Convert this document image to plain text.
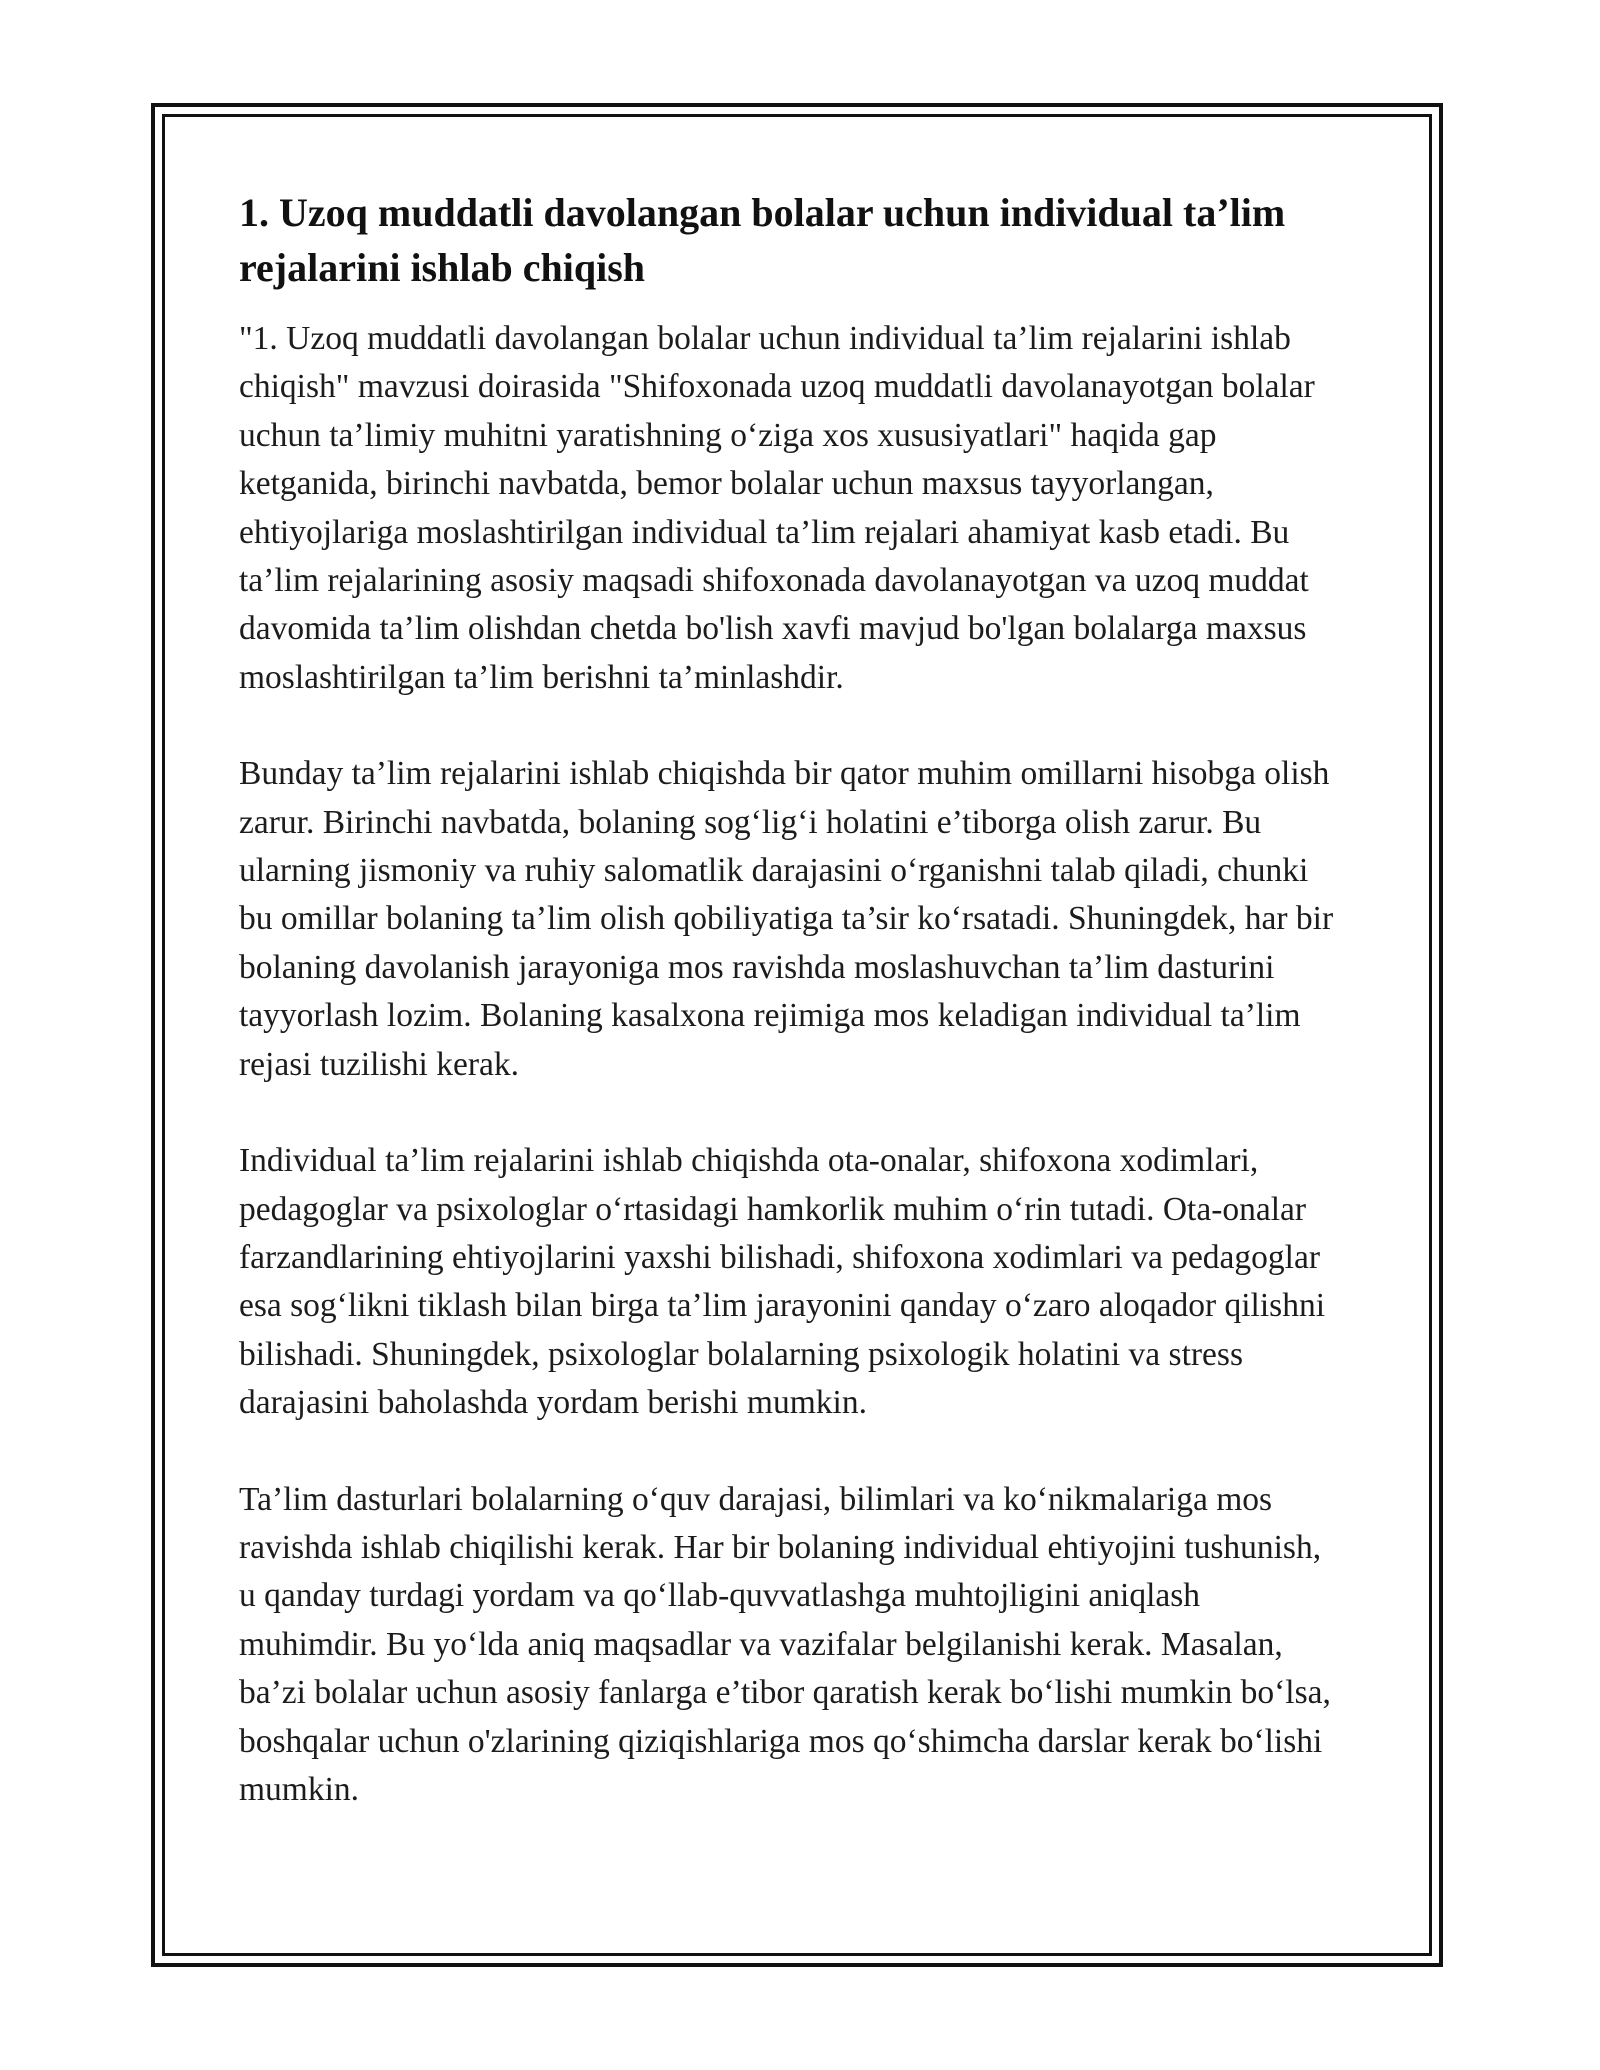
1. Uzoq muddatli davolangan bolalar uchun individual ta’lim rejalarini ishlab chiqish

"1. Uzoq muddatli davolangan bolalar uchun individual ta’lim rejalarini ishlab chiqish" mavzusi doirasida "Shifoxonada uzoq muddatli davolanayotgan bolalar uchun ta’limiy muhitni yaratishning o‘ziga xos xususiyatlari" haqida gap ketganida, birinchi navbatda, bemor bolalar uchun maxsus tayyorlangan, ehtiyojlariga moslashtirilgan individual ta’lim rejalari ahamiyat kasb etadi. Bu ta’lim rejalarining asosiy maqsadi shifoxonada davolanayotgan va uzoq muddat davomida ta’lim olishdan chetda bo'lish xavfi mavjud bo'lgan bolalarga maxsus moslashtirilgan ta’lim berishni ta’minlashdir.

Bunday ta’lim rejalarini ishlab chiqishda bir qator muhim omillarni hisobga olish zarur. Birinchi navbatda, bolaning sog‘lig‘i holatini e’tiborga olish zarur. Bu ularning jismoniy va ruhiy salomatlik darajasini o‘rganishni talab qiladi, chunki bu omillar bolaning ta’lim olish qobiliyatiga ta’sir ko‘rsatadi. Shuningdek, har bir bolaning davolanish jarayoniga mos ravishda moslashuvchan ta’lim dasturini tayyorlash lozim. Bolaning kasalxona rejimiga mos keladigan individual ta’lim rejasi tuzilishi kerak.

Individual ta’lim rejalarini ishlab chiqishda ota-onalar, shifoxona xodimlari, pedagoglar va psixologlar o‘rtasidagi hamkorlik muhim o‘rin tutadi. Ota-onalar farzandlarining ehtiyojlarini yaxshi bilishadi, shifoxona xodimlari va pedagoglar esa sog‘likni tiklash bilan birga ta’lim jarayonini qanday o‘zaro aloqador qilishni bilishadi. Shuningdek, psixologlar bolalarning psixologik holatini va stress darajasini baholashda yordam berishi mumkin.

Ta’lim dasturlari bolalarning o‘quv darajasi, bilimlari va ko‘nikmalariga mos ravishda ishlab chiqilishi kerak. Har bir bolaning individual ehtiyojini tushunish, u qanday turdagi yordam va qo‘llab-quvvatlashga muhtojligini aniqlash muhimdir. Bu yo‘lda aniq maqsadlar va vazifalar belgilanishi kerak. Masalan, ba’zi bolalar uchun asosiy fanlarga e’tibor qaratish kerak bo‘lishi mumkin bo‘lsa, boshqalar uchun o'zlarining qiziqishlariga mos qo‘shimcha darslar kerak bo‘lishi mumkin.
